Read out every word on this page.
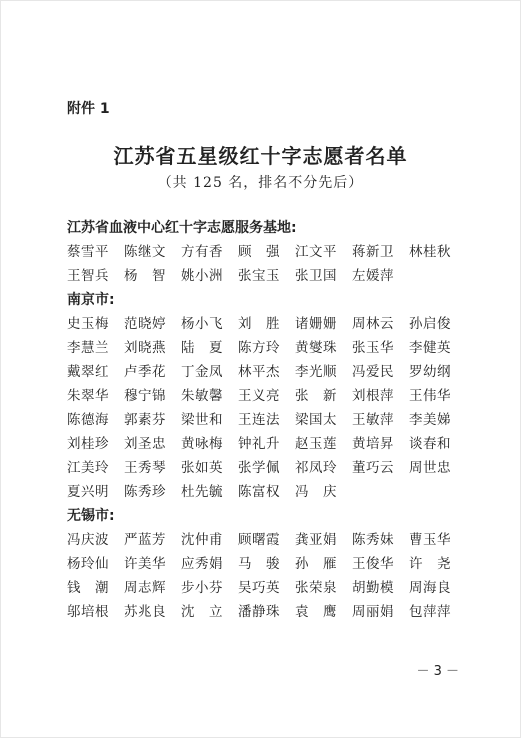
附件 1
江苏省五星级红十字志愿者名单
（共 125 名，排名不分先后）
江苏省血液中心红十字志愿服务基地:
蔡雪平	陈继文	方有香	顾　强	江文平	蒋新卫	林桂秋
王智兵	杨　智	姚小洲	张宝玉	张卫国	左媛萍
南京市:
史玉梅	范晓婷	杨小飞	刘　胜	诸姗姗	周林云	孙启俊
李慧兰	刘晓燕	陆　夏	陈方玲	黄燮珠	张玉华	李健英
戴翠红	卢季花	丁金凤	林平杰	李光顺	冯爱民	罗幼纲
朱翠华	穆宁锦	朱敏馨	王义亮	张　新	刘根萍	王伟华
陈德海	郭素芬	梁世和	王连法	梁国太	王敏萍	李美娣
刘桂珍	刘圣忠	黄咏梅	钟礼升	赵玉莲	黄培昇	谈春和
江美玲	王秀琴	张如英	张学佩	祁凤玲	董巧云	周世忠
夏兴明	陈秀珍	杜先毓	陈富权	冯　庆
无锡市:
冯庆波	严蓝芳	沈仲甫	顾曙霞	龚亚娟	陈秀妹	曹玉华
杨玲仙	许美华	应秀娟	马　骏	孙　雁	王俊华	许　尧
钱　潮	周志辉	步小芬	吴巧英	张荣泉	胡勤模	周海良
邬培根	苏兆良	沈　立	潘静珠	袁　鹰	周丽娟	包萍萍
－ 3 －
